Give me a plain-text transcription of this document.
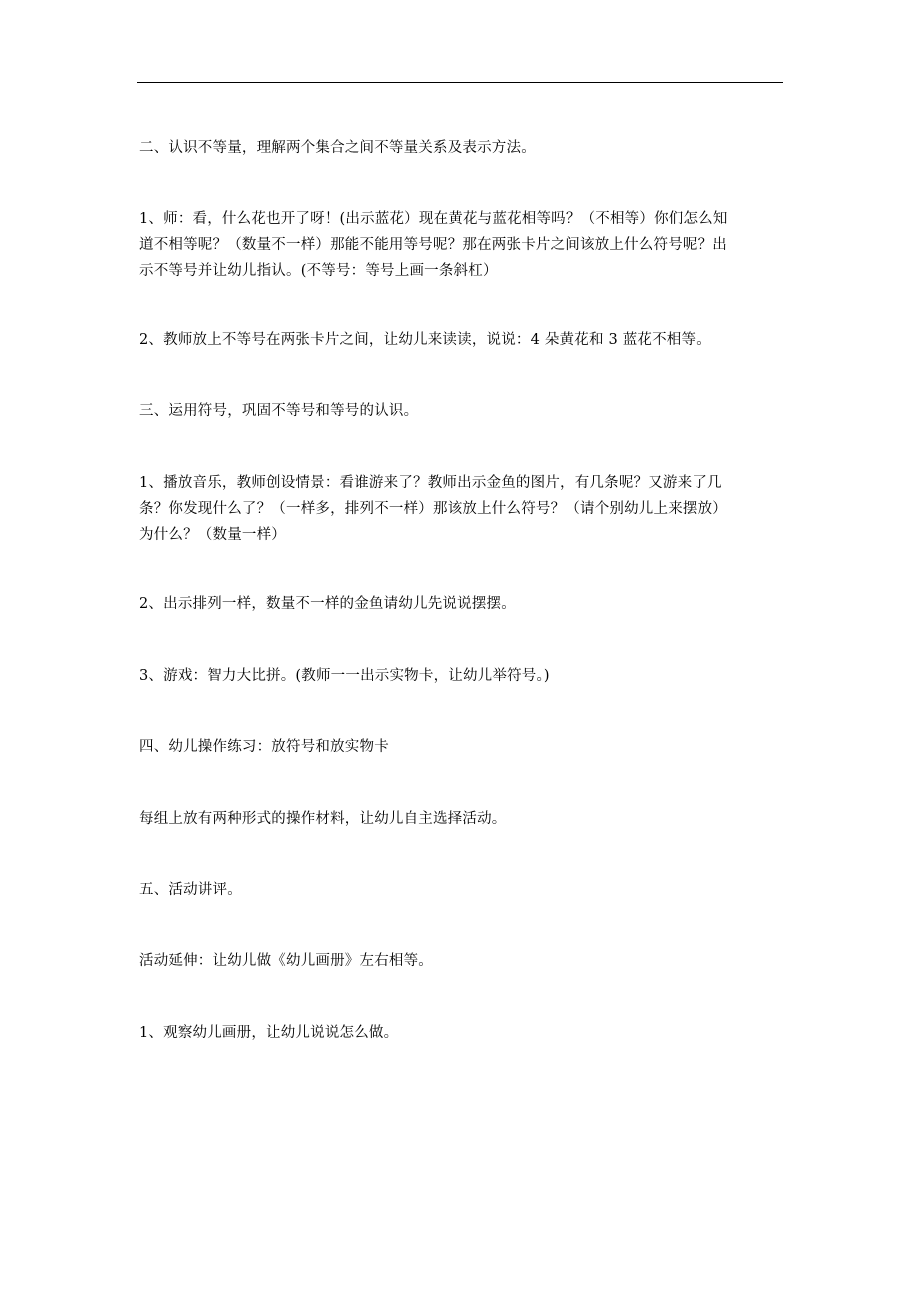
二、认识不等量，理解两个集合之间不等量关系及表示方法。

1、师：看，什么花也开了呀！(出示蓝花）现在黄花与蓝花相等吗？（不相等）你们怎么知
道不相等呢？（数量不一样）那能不能用等号呢？那在两张卡片之间该放上什么符号呢？出
示不等号并让幼儿指认。(不等号：等号上画一条斜杠）

2、教师放上不等号在两张卡片之间，让幼儿来读读，说说：4 朵黄花和 3 蓝花不相等。

三、运用符号，巩固不等号和等号的认识。

1、播放音乐，教师创设情景：看谁游来了？教师出示金鱼的图片，有几条呢？又游来了几
条？你发现什么了？（一样多，排列不一样）那该放上什么符号？（请个别幼儿上来摆放）
为什么？（数量一样）

2、出示排列一样，数量不一样的金鱼请幼儿先说说摆摆。

3、游戏：智力大比拼。(教师一一出示实物卡，让幼儿举符号。)

四、幼儿操作练习：放符号和放实物卡

每组上放有两种形式的操作材料，让幼儿自主选择活动。

五、活动讲评。

活动延伸：让幼儿做《幼儿画册》左右相等。

1、观察幼儿画册，让幼儿说说怎么做。
